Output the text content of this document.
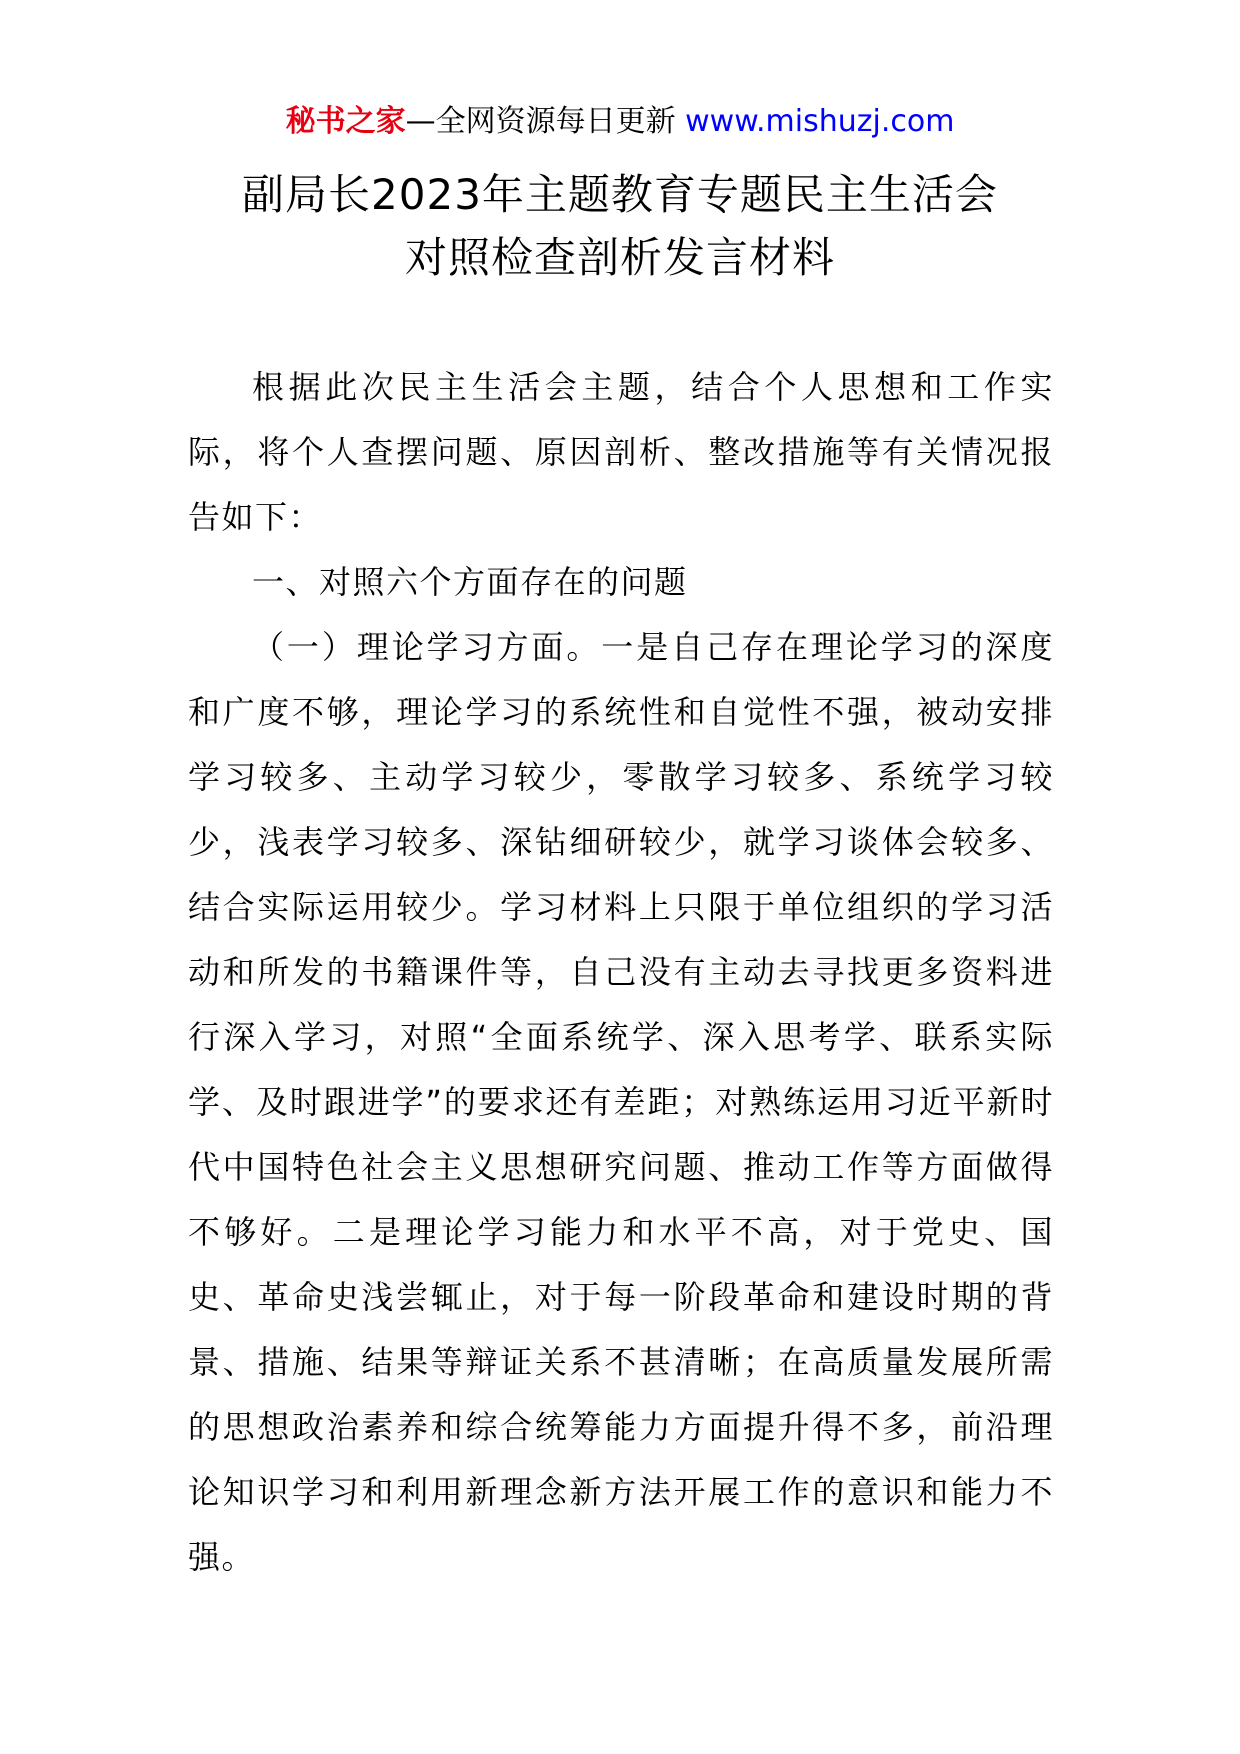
秘书之家—全网资源每日更新 www.mishuzj.com
副局长2023年主题教育专题民主生活会
对照检查剖析发言材料

根据此次民主生活会主题，结合个人思想和工作实际，将个人查摆问题、原因剖析、整改措施等有关情况报告如下：

一、对照六个方面存在的问题

（一）理论学习方面。一是自己存在理论学习的深度和广度不够，理论学习的系统性和自觉性不强，被动安排学习较多、主动学习较少，零散学习较多、系统学习较少，浅表学习较多、深钻细研较少，就学习谈体会较多、结合实际运用较少。学习材料上只限于单位组织的学习活动和所发的书籍课件等，自己没有主动去寻找更多资料进行深入学习，对照“全面系统学、深入思考学、联系实际学、及时跟进学”的要求还有差距；对熟练运用习近平新时代中国特色社会主义思想研究问题、推动工作等方面做得不够好。二是理论学习能力和水平不高，对于党史、国史、革命史浅尝辄止，对于每一阶段革命和建设时期的背景、措施、结果等辩证关系不甚清晰；在高质量发展所需的思想政治素养和综合统筹能力方面提升得不多，前沿理论知识学习和利用新理念新方法开展工作的意识和能力不强。
